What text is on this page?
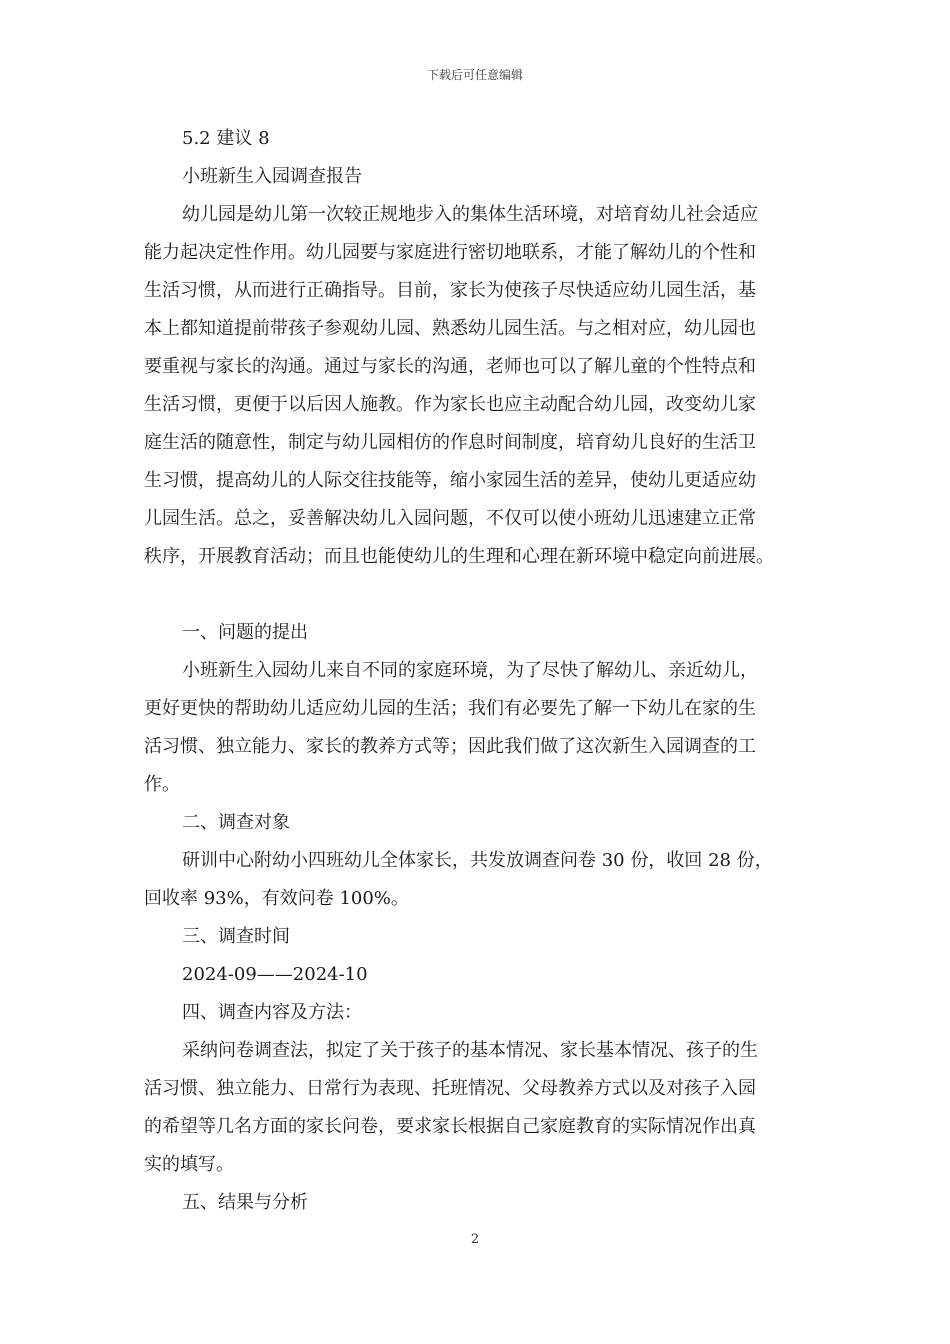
下载后可任意编辑

5.2 建议 8

小班新生入园调查报告

幼儿园是幼儿第一次较正规地步入的集体生活环境，对培育幼儿社会适应

能力起决定性作用。幼儿园要与家庭进行密切地联系，才能了解幼儿的个性和

生活习惯，从而进行正确指导。目前，家长为使孩子尽快适应幼儿园生活，基

本上都知道提前带孩子参观幼儿园、熟悉幼儿园生活。与之相对应，幼儿园也

要重视与家长的沟通。通过与家长的沟通，老师也可以了解儿童的个性特点和

生活习惯，更便于以后因人施教。作为家长也应主动配合幼儿园，改变幼儿家

庭生活的随意性，制定与幼儿园相仿的作息时间制度，培育幼儿良好的生活卫

生习惯，提高幼儿的人际交往技能等，缩小家园生活的差异，使幼儿更适应幼

儿园生活。总之，妥善解决幼儿入园问题，不仅可以使小班幼儿迅速建立正常

秩序，开展教育活动；而且也能使幼儿的生理和心理在新环境中稳定向前进展。

一、问题的提出

小班新生入园幼儿来自不同的家庭环境，为了尽快了解幼儿、亲近幼儿，

更好更快的帮助幼儿适应幼儿园的生活；我们有必要先了解一下幼儿在家的生

活习惯、独立能力、家长的教养方式等；因此我们做了这次新生入园调查的工

作。

二、调查对象

研训中心附幼小四班幼儿全体家长，共发放调查问卷 30 份，收回 28 份，

回收率 93%，有效问卷 100%。

三、调查时间

2024-09——2024-10

四、调查内容及方法：

采纳问卷调查法，拟定了关于孩子的基本情况、家长基本情况、孩子的生

活习惯、独立能力、日常行为表现、托班情况、父母教养方式以及对孩子入园

的希望等几名方面的家长问卷，要求家长根据自己家庭教育的实际情况作出真

实的填写。

五、结果与分析

2
